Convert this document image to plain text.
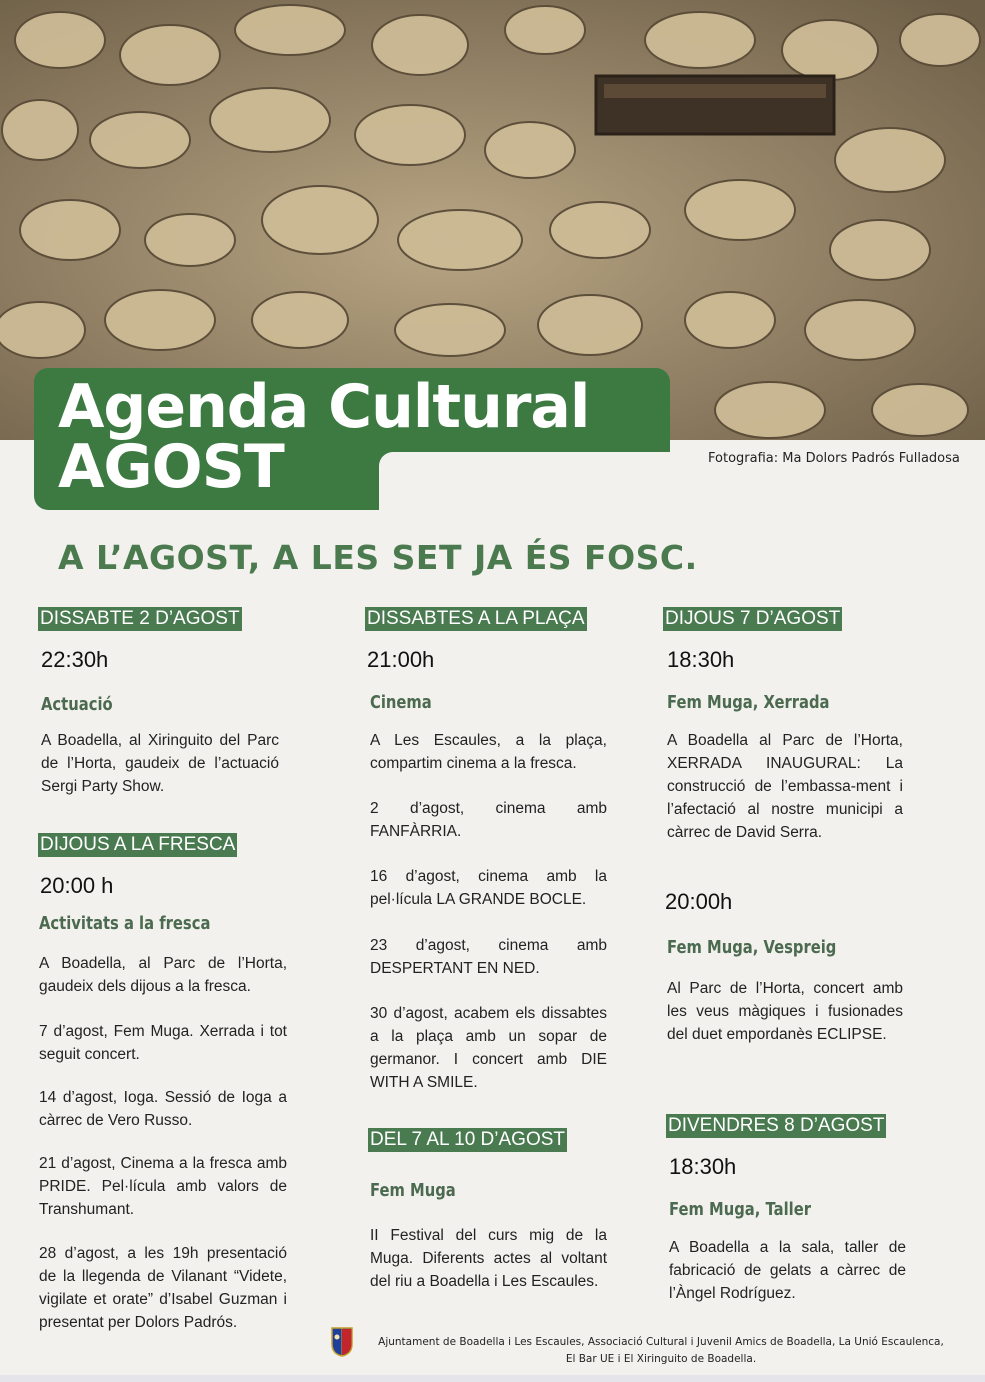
Agenda Cultural
AGOST	Fotografia: Ma Dolors Padrós Fulladosa
A L’AGOST, A LES SET JA ÉS FOSC.
DISSABTE 2 D’AGOST
22:30h
Actuació
A Boadella, al Xiringuito del Parc de l’Horta, gaudeix de l’actuació Sergi Party Show.
DIJOUS A LA FRESCA
20:00 h
Activitats a la fresca
A Boadella, al Parc de l’Horta, gaudeix dels dijous a la fresca.
7 d’agost, Fem Muga. Xerrada i tot seguit concert.
14 d’agost, Ioga. Sessió de Ioga a càrrec de Vero Russo.
21 d’agost, Cinema a la fresca amb PRIDE. Pel·lícula amb valors de Transhumant.
28 d’agost, a les 19h presentació de la llegenda de Vilanant “Videte, vigilate et orate” d’Isabel Guzman i presentat per Dolors Padrós.
DISSABTES A LA PLAÇA
21:00h
Cinema
A Les Escaules, a la plaça, compartim cinema a la fresca.
2 d’agost, cinema amb FANFÀRRIA.
16 d’agost, cinema amb la pel·lícula LA GRANDE BOCLE.
23 d’agost, cinema amb DESPERTANT EN NED.
30 d’agost, acabem els dissabtes a la plaça amb un sopar de germanor. I concert amb DIE WITH A SMILE.
DEL 7 AL 10 D’AGOST
Fem Muga
II Festival del curs mig de la Muga. Diferents actes al voltant del riu a Boadella i Les Escaules.
DIJOUS 7 D’AGOST
18:30h
Fem Muga, Xerrada
A Boadella al Parc de l’Horta, XERRADA INAUGURAL: La construcció de l’embassa-ment i l’afectació al nostre municipi a càrrec de David Serra.
20:00h
Fem Muga, Vespreig
Al Parc de l’Horta, concert amb les veus màgiques i fusionades del duet empordanès ECLIPSE.
DIVENDRES 8 D’AGOST
18:30h
Fem Muga, Taller
A Boadella a la sala, taller de fabricació de gelats a càrrec de l’Àngel Rodríguez.
Ajuntament de Boadella i Les Escaules, Associació Cultural i Juvenil Amics de Boadella, La Unió Escaulenca,
El Bar UE i El Xiringuito de Boadella.
